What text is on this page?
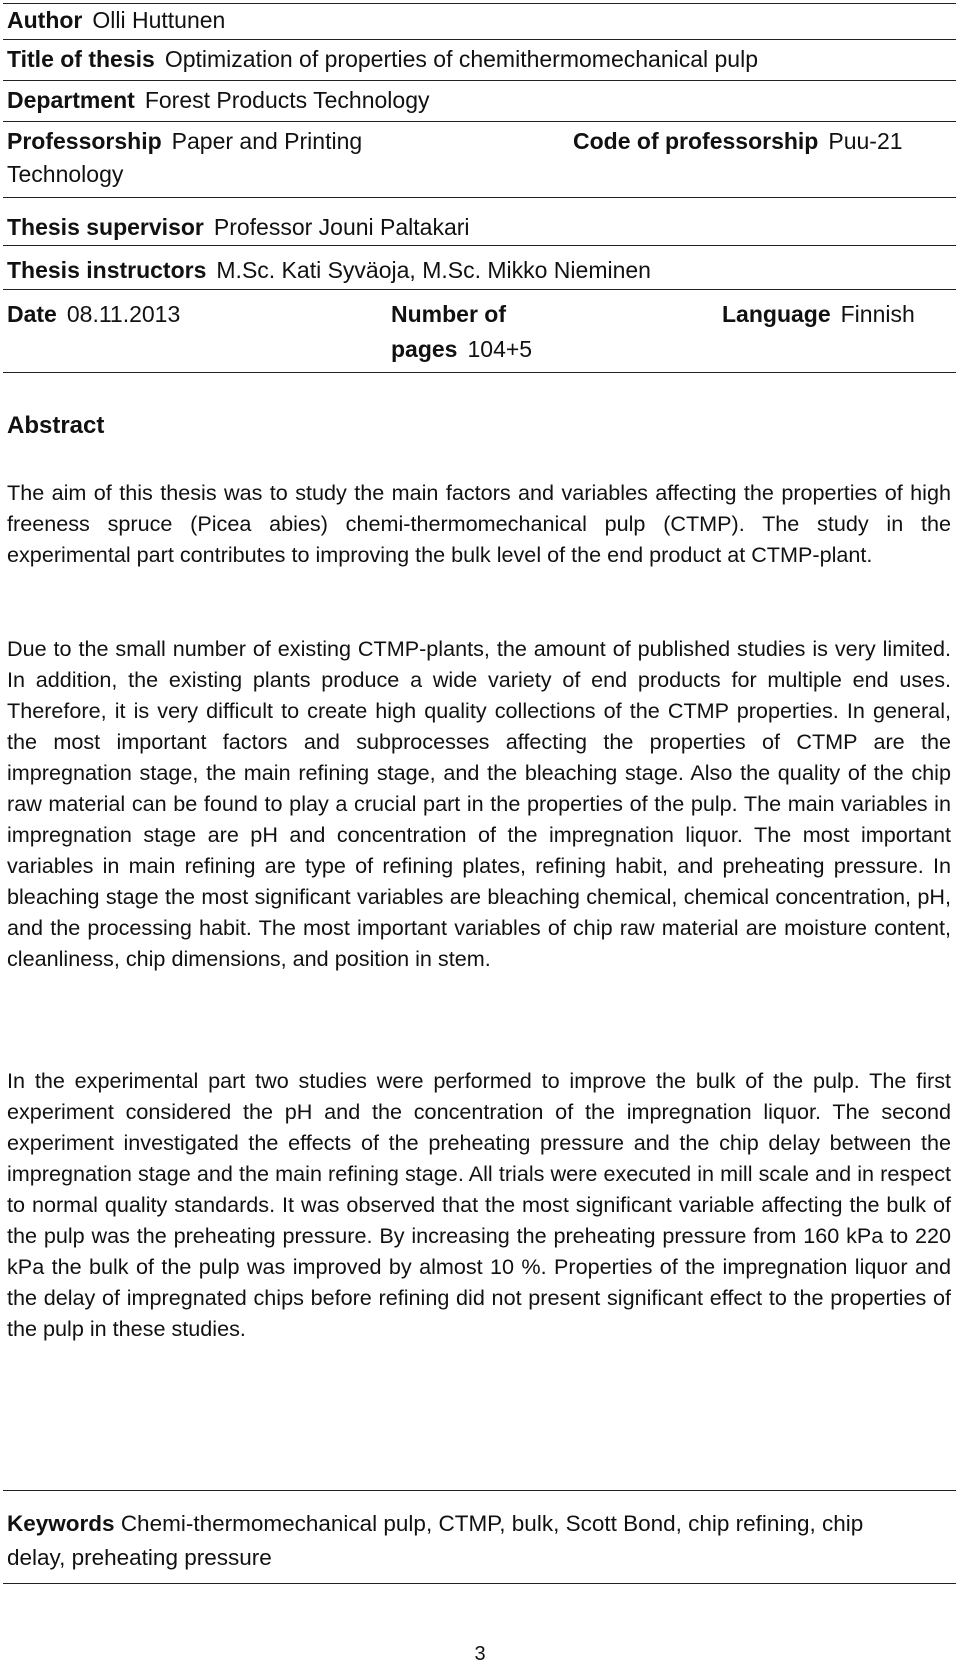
Author Olli Huttunen
Title of thesis Optimization of properties of chemithermomechanical pulp
Department Forest Products Technology
Professorship Paper and Printing
Technology
Code of professorship Puu-21
Thesis supervisor Professor Jouni Paltakari
Thesis instructors M.Sc. Kati Syväoja, M.Sc. Mikko Nieminen
Date 08.11.2013	Number of
pages 104+5
Language Finnish
Abstract

The aim of this thesis was to study the main factors and variables affecting the properties of high freeness spruce (Picea abies) chemi-thermomechanical pulp (CTMP). The study in the experimental part contributes to improving the bulk level of the end product at CTMP-plant.

Due to the small number of existing CTMP-plants, the amount of published studies is very limited. In addition, the existing plants produce a wide variety of end products for multiple end uses. Therefore, it is very difficult to create high quality collections of the CTMP properties. In general, the most important factors and subprocesses affecting the properties of CTMP are the impregnation stage, the main refining stage, and the bleaching stage. Also the quality of the chip raw material can be found to play a crucial part in the properties of the pulp. The main variables in impregnation stage are pH and concentration of the impregnation liquor. The most important variables in main refining are type of refining plates, refining habit, and preheating pressure. In bleaching stage the most significant variables are bleaching chemical, chemical concentration, pH, and the processing habit. The most important variables of chip raw material are moisture content, cleanliness, chip dimensions, and position in stem.

In the experimental part two studies were performed to improve the bulk of the pulp. The first experiment considered the pH and the concentration of the impregnation liquor. The second experiment investigated the effects of the preheating pressure and the chip delay between the impregnation stage and the main refining stage. All trials were executed in mill scale and in respect to normal quality standards. It was observed that the most significant variable affecting the bulk of the pulp was the preheating pressure. By increasing the preheating pressure from 160 kPa to 220 kPa the bulk of the pulp was improved by almost 10 %. Properties of the impregnation liquor and the delay of impregnated chips before refining did not present significant effect to the properties of the pulp in these studies.

Keywords Chemi-thermomechanical pulp, CTMP, bulk, Scott Bond, chip refining, chip delay, preheating pressure
3
